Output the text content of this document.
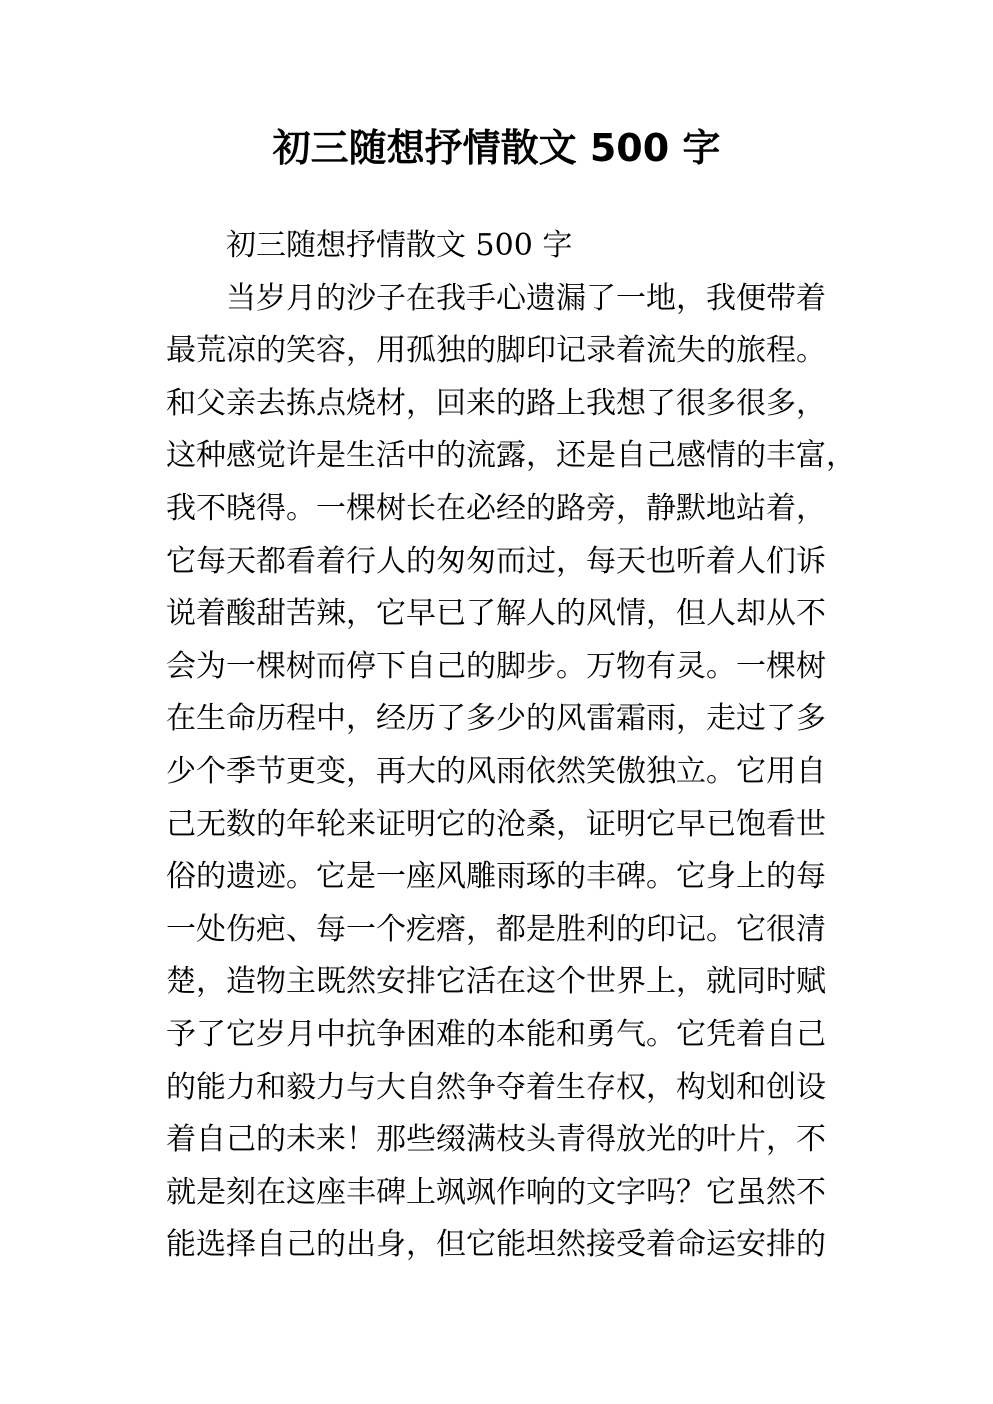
初三随想抒情散文 500 字
初三随想抒情散文 500 字
当岁月的沙子在我手心遗漏了一地，我便带着
最荒凉的笑容，用孤独的脚印记录着流失的旅程。
和父亲去拣点烧材，回来的路上我想了很多很多，
这种感觉许是生活中的流露，还是自己感情的丰富，
我不晓得。一棵树长在必经的路旁，静默地站着，
它每天都看着行人的匆匆而过，每天也听着人们诉
说着酸甜苦辣，它早已了解人的风情，但人却从不
会为一棵树而停下自己的脚步。万物有灵。一棵树
在生命历程中，经历了多少的风雷霜雨，走过了多
少个季节更变，再大的风雨依然笑傲独立。它用自
己无数的年轮来证明它的沧桑，证明它早已饱看世
俗的遗迹。它是一座风雕雨琢的丰碑。它身上的每
一处伤疤、每一个疙瘩，都是胜利的印记。它很清
楚，造物主既然安排它活在这个世界上，就同时赋
予了它岁月中抗争困难的本能和勇气。它凭着自己
的能力和毅力与大自然争夺着生存权，构划和创设
着自己的未来！那些缀满枝头青得放光的叶片，不
就是刻在这座丰碑上飒飒作响的文字吗？它虽然不
能选择自己的出身，但它能坦然接受着命运安排的
